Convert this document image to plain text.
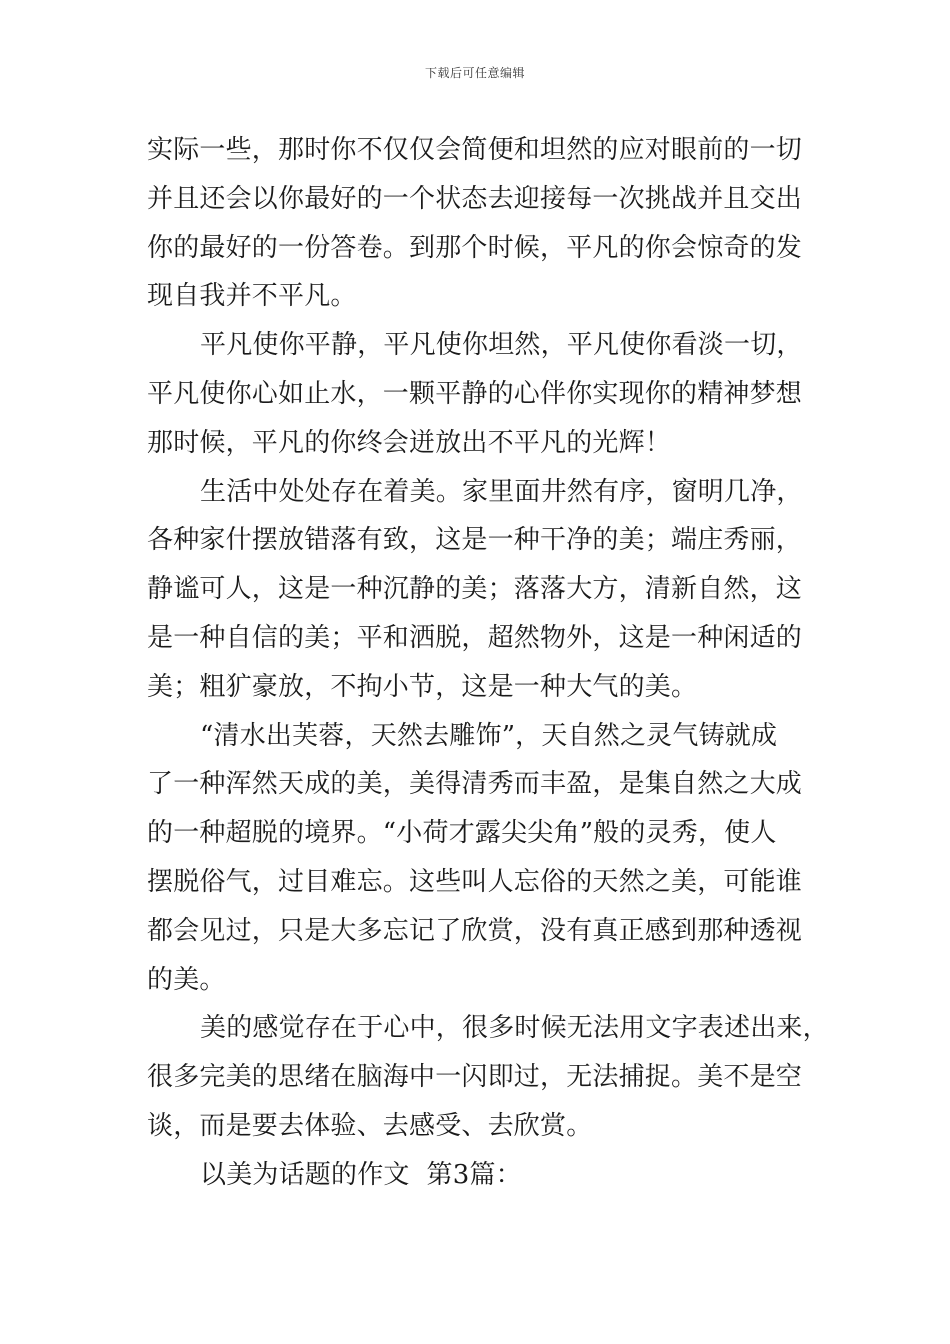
下载后可任意编辑
实际一些，那时你不仅仅会简便和坦然的应对眼前的一切
并且还会以你最好的一个状态去迎接每一次挑战并且交出
你的最好的一份答卷。到那个时候，平凡的你会惊奇的发
现自我并不平凡。
平凡使你平静，平凡使你坦然，平凡使你看淡一切，
平凡使你心如止水，一颗平静的心伴你实现你的精神梦想
那时候，平凡的你终会迸放出不平凡的光辉！
生活中处处存在着美。家里面井然有序，窗明几净，
各种家什摆放错落有致，这是一种干净的美；端庄秀丽，
静谧可人，这是一种沉静的美；落落大方，清新自然，这
是一种自信的美；平和洒脱，超然物外，这是一种闲适的
美；粗犷豪放，不拘小节，这是一种大气的美。
“清水出芙蓉，天然去雕饰”，天自然之灵气铸就成
了一种浑然天成的美，美得清秀而丰盈，是集自然之大成
的一种超脱的境界。“小荷才露尖尖角”般的灵秀，使人
摆脱俗气，过目难忘。这些叫人忘俗的天然之美，可能谁
都会见过，只是大多忘记了欣赏，没有真正感到那种透视
的美。
美的感觉存在于心中，很多时候无法用文字表述出来，
很多完美的思绪在脑海中一闪即过，无法捕捉。美不是空
谈，而是要去体验、去感受、去欣赏。
以美为话题的作文  第3篇：
